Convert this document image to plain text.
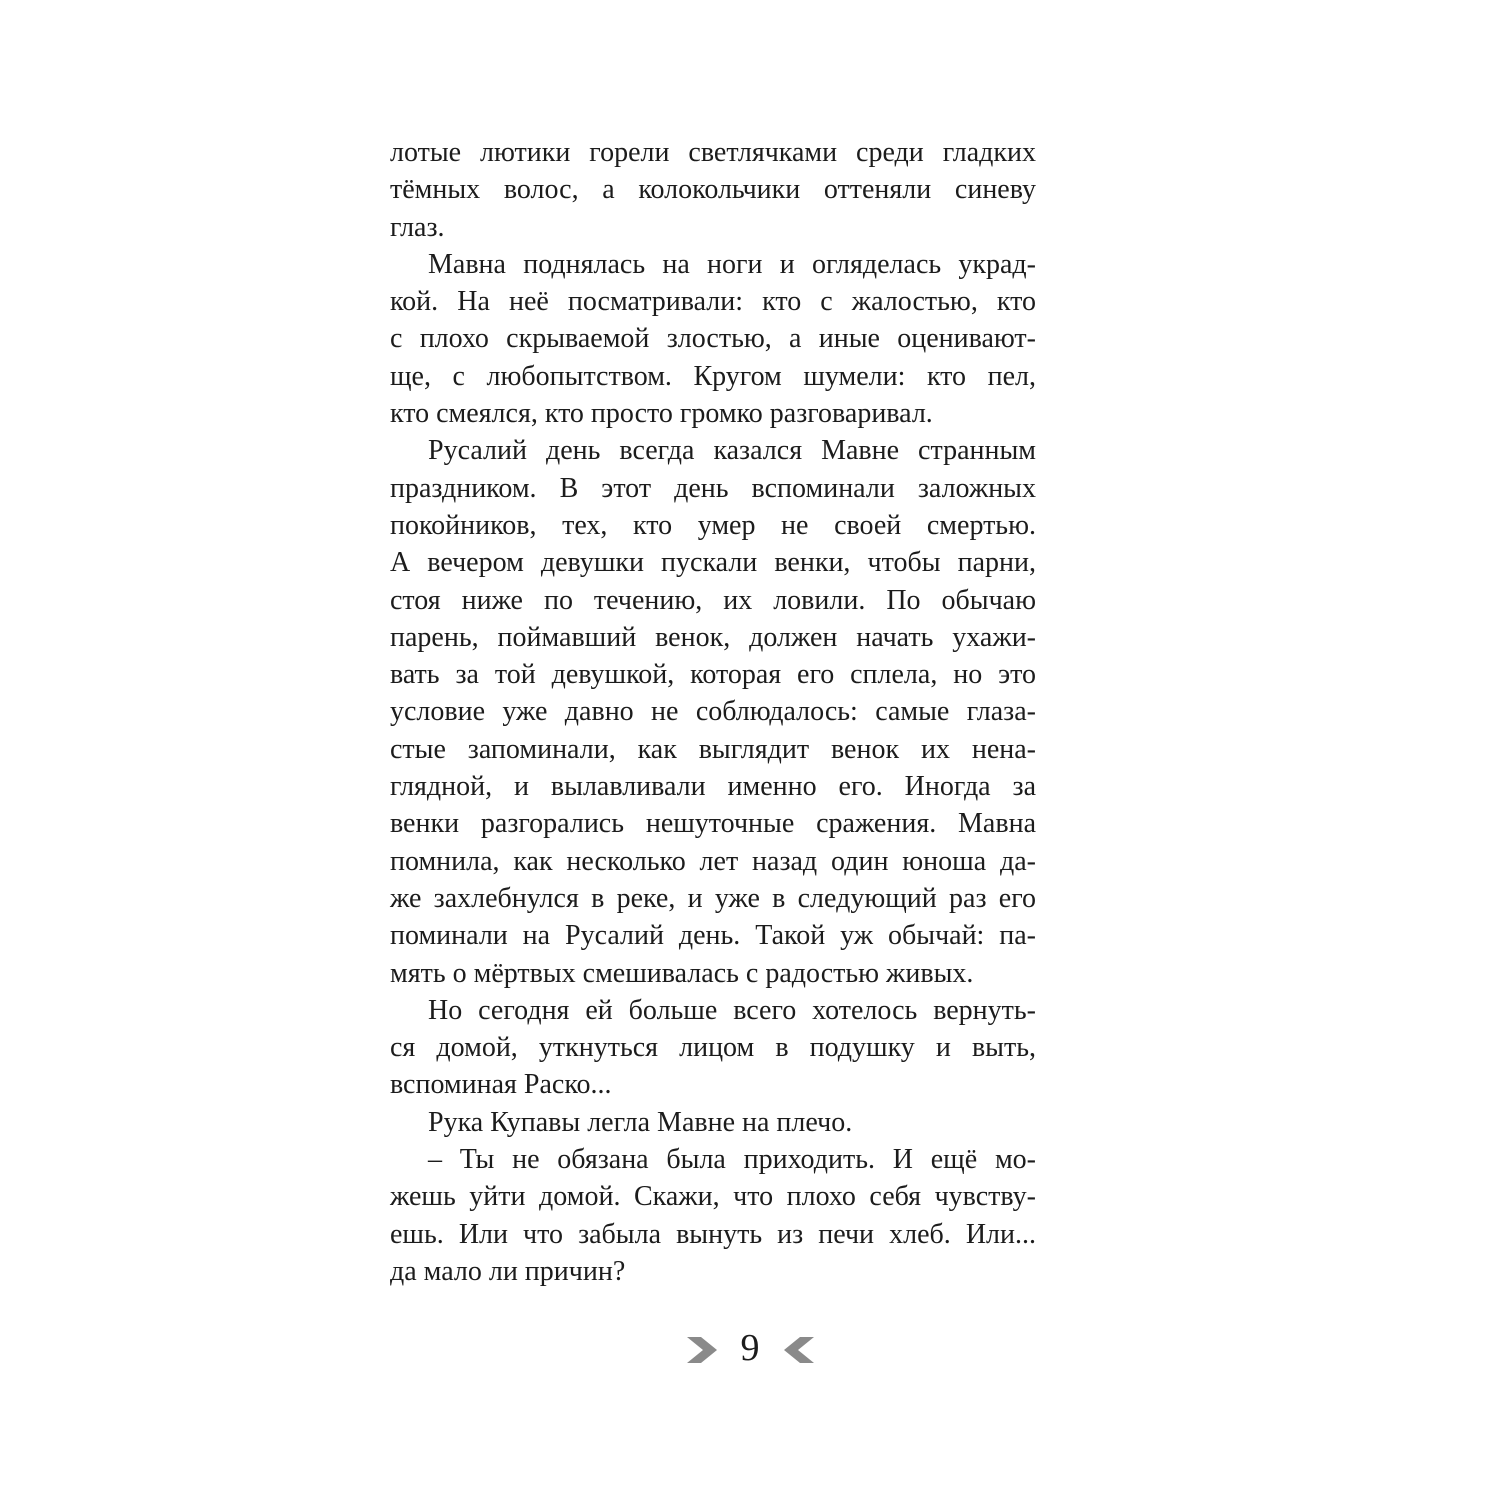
лотые лютики горели светлячками среди гладких
тёмных волос, а колокольчики оттеняли синеву
глаз.
Мавна поднялась на ноги и огляделась украд-
кой. На неё посматривали: кто с жалостью, кто
с плохо скрываемой злостью, а иные оценивают-
ще, с любопытством. Кругом шумели: кто пел,
кто смеялся, кто просто громко разговаривал.
Русалий день всегда казался Мавне странным
праздником. В этот день вспоминали заложных
покойников, тех, кто умер не своей смертью.
А вечером девушки пускали венки, чтобы парни,
стоя ниже по течению, их ловили. По обычаю
парень, поймавший венок, должен начать ухажи-
вать за той девушкой, которая его сплела, но это
условие уже давно не соблюдалось: самые глаза-
стые запоминали, как выглядит венок их нена-
глядной, и вылавливали именно его. Иногда за
венки разгорались нешуточные сражения. Мавна
помнила, как несколько лет назад один юноша да-
же захлебнулся в реке, и уже в следующий раз его
поминали на Русалий день. Такой уж обычай: па-
мять о мёртвых смешивалась с радостью живых.
Но сегодня ей больше всего хотелось вернуть-
ся домой, уткнуться лицом в подушку и выть,
вспоминая Раско...
Рука Купавы легла Мавне на плечо.
– Ты не обязана была приходить. И ещё мо-
жешь уйти домой. Скажи, что плохо себя чувству-
ешь. Или что забыла вынуть из печи хлеб. Или...
да мало ли причин?
9
